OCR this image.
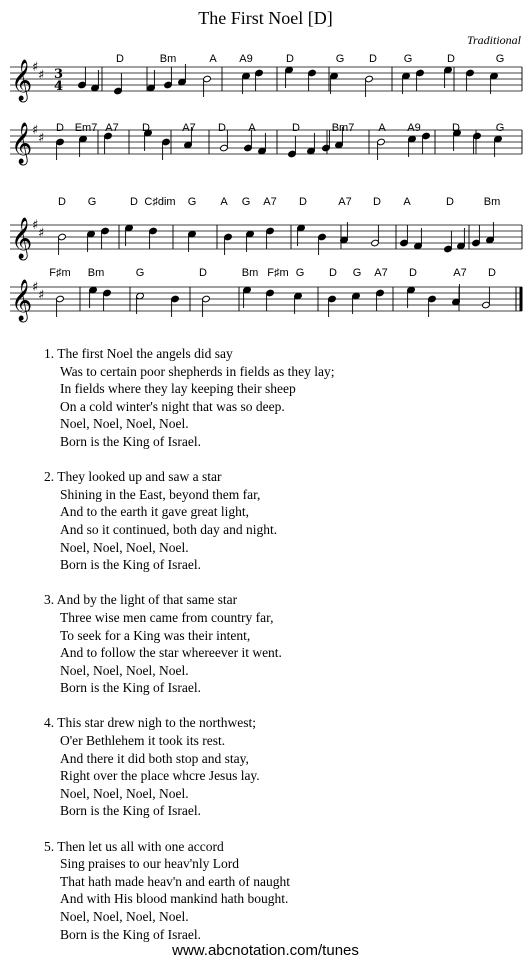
The First Noel [D]
Traditional
𝄞 ♯
♯ 3
4
D	Bm	A A9	D	G D G	D	G
𝄞 ♯
♯
D Em7 A7 D	A7 D A	D	Bm7 A A9	D	G
𝄞 ♯
♯
D G	D C♯dim G A G A7 D	A7 D A	D	Bm
𝄞 ♯
♯
F♯m Bm	G	D	Bm F♯m G D G A7 D	A7 D
1. The first Noel the angels did say
Was to certain poor shepherds in fields as they lay;
In fields where they lay keeping their sheep
On a cold winter's night that was so deep.
Noel, Noel, Noel, Noel.
Born is the King of Israel.
2. They looked up and saw a star
Shining in the East, beyond them far,
And to the earth it gave great light,
And so it continued, both day and night.
Noel, Noel, Noel, Noel.
Born is the King of Israel.
3. And by the light of that same star
Three wise men came from country far,
To seek for a King was their intent,
And to follow the star whereever it went.
Noel, Noel, Noel, Noel.
Born is the King of Israel.
4. This star drew nigh to the northwest;
O'er Bethlehem it took its rest.
And there it did both stop and stay,
Right over the place whcre Jesus lay.
Noel, Noel, Noel, Noel.
Born is the King of Israel.
5. Then let us all with one accord
Sing praises to our heav'nly Lord
That hath made heav'n and earth of naught
And with His blood mankind hath bought.
Noel, Noel, Noel, Noel.
Born is the King of Israel.
www.abcnotation.com/tunes
